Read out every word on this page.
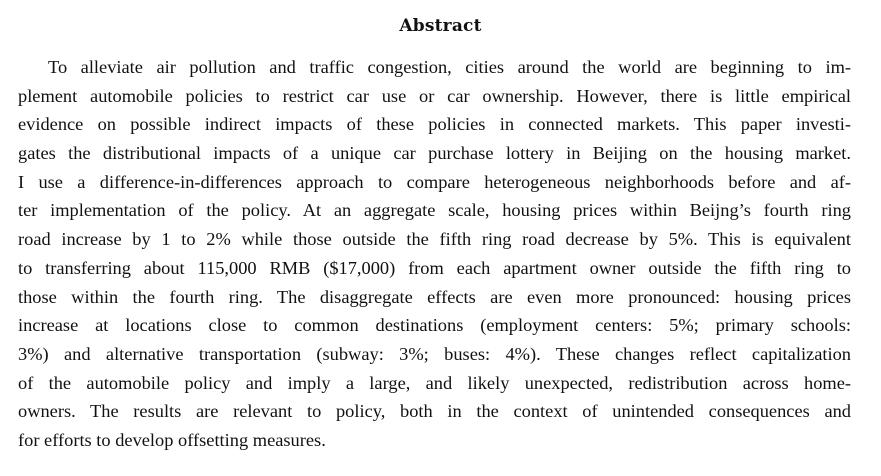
Abstract
To alleviate air pollution and traffic congestion, cities around the world are beginning to im-
plement automobile policies to restrict car use or car ownership. However, there is little empirical
evidence on possible indirect impacts of these policies in connected markets. This paper investi-
gates the distributional impacts of a unique car purchase lottery in Beijing on the housing market.
I use a difference-in-differences approach to compare heterogeneous neighborhoods before and af-
ter implementation of the policy. At an aggregate scale, housing prices within Beijng’s fourth ring
road increase by 1 to 2% while those outside the fifth ring road decrease by 5%. This is equivalent
to transferring about 115,000 RMB ($17,000) from each apartment owner outside the fifth ring to
those within the fourth ring. The disaggregate effects are even more pronounced: housing prices
increase at locations close to common destinations (employment centers: 5%; primary schools:
3%) and alternative transportation (subway: 3%; buses: 4%). These changes reflect capitalization
of the automobile policy and imply a large, and likely unexpected, redistribution across home-
owners. The results are relevant to policy, both in the context of unintended consequences and
for efforts to develop offsetting measures.
